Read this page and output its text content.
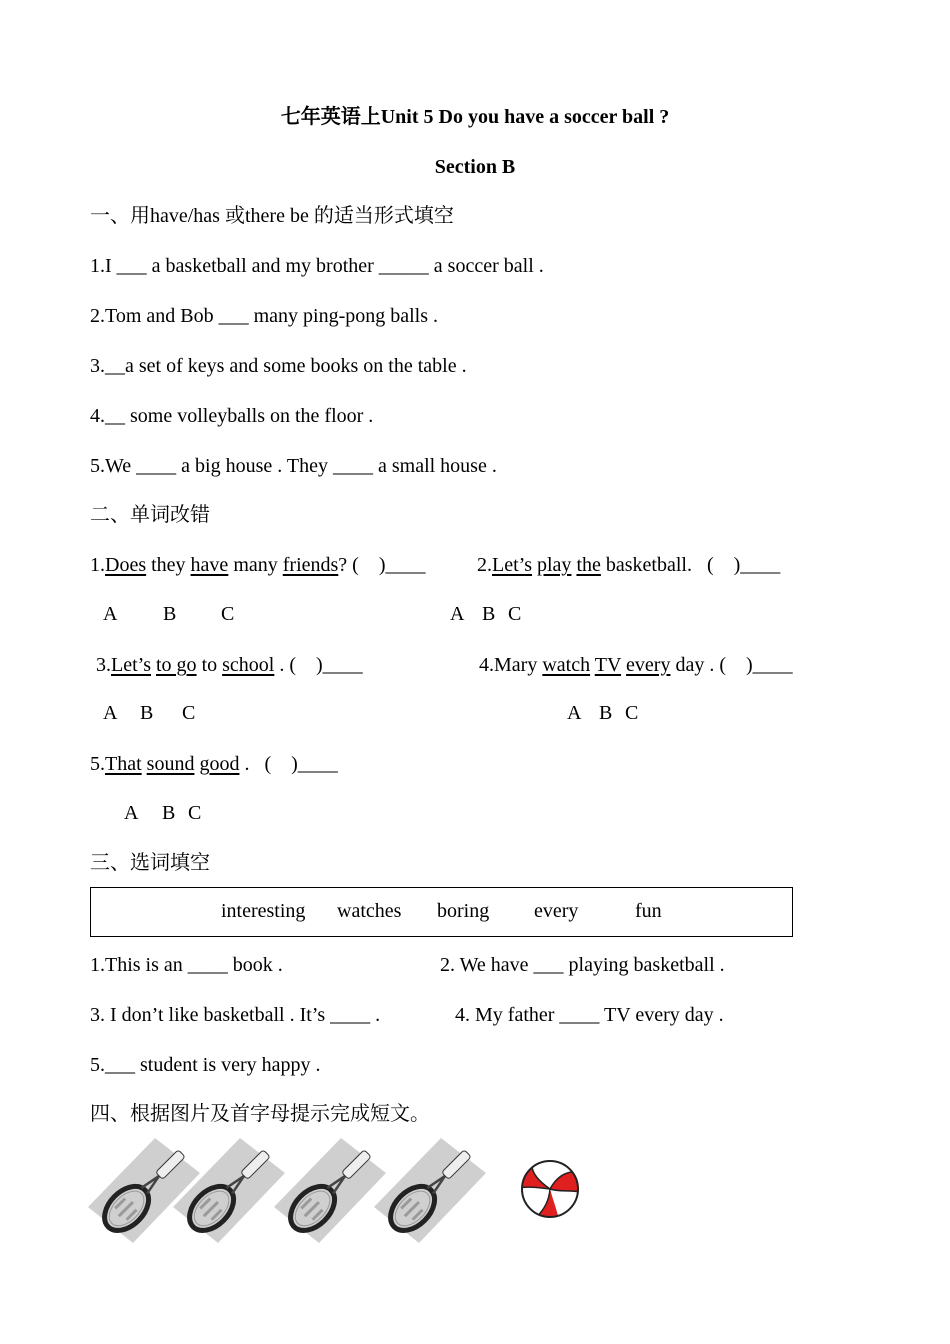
七年英语上Unit 5 Do you have a soccer ball ?
Section B
一、用have/has 或there be 的适当形式填空
1.I ___ a basketball and my brother _____ a soccer ball .
2.Tom and Bob ___ many ping-pong balls .
3.__a set of keys and some books on the table .
4.__ some volleyballs on the floor .
5.We ____ a big house . They ____ a small house .
二、单词改错
1.Does they have many friends? (    )____	2.Let’s play the basketball.   (    )____
A B C	A B C
3.Let’s to go to school . (    )____	4.Mary watch TV every day . (    )____
A B C	A B C
5.That sound good .   (    )____
A B C
三、选词填空
interesting watches boring every	fun
1.This is an ____ book .	2. We have ___ playing basketball .
3. I don’t like basketball . It’s ____ .	4. My father ____ TV every day .
5.___ student is very happy .
四、根据图片及首字母提示完成短文。
